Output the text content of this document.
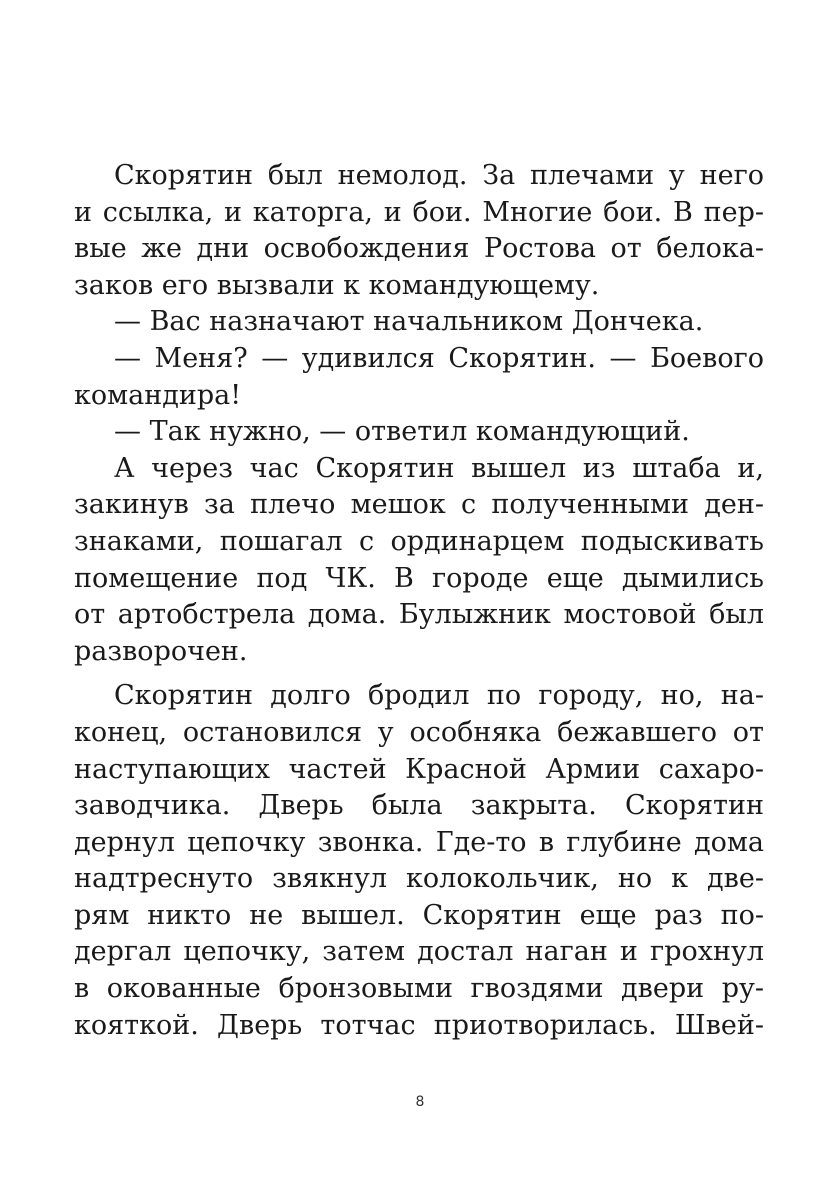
Скорятин был немолод. За плечами у него
и ссылка, и каторга, и бои. Многие бои. В пер-
вые же дни освобождения Ростова от белока-
заков его вызвали к командующему.
— Вас назначают начальником Дончека.
— Меня? — удивился Скорятин. — Боевого
командира!
— Так нужно, — ответил командующий.
А через час Скорятин вышел из штаба и,
закинув за плечо мешок с полученными ден-
знаками, пошагал с ординарцем подыскивать
помещение под ЧК. В городе еще дымились
от артобстрела дома. Булыжник мостовой был
разворочен.
Скорятин долго бродил по городу, но, на-
конец, остановился у особняка бежавшего от
наступающих частей Красной Армии сахаро-
заводчика. Дверь была закрыта. Скорятин
дернул цепочку звонка. Где-то в глубине дома
надтреснуто звякнул колокольчик, но к две-
рям никто не вышел. Скорятин еще раз по-
дергал цепочку, затем достал наган и грохнул
в окованные бронзовыми гвоздями двери ру-
кояткой. Дверь тотчас приотворилась. Швей-
8
